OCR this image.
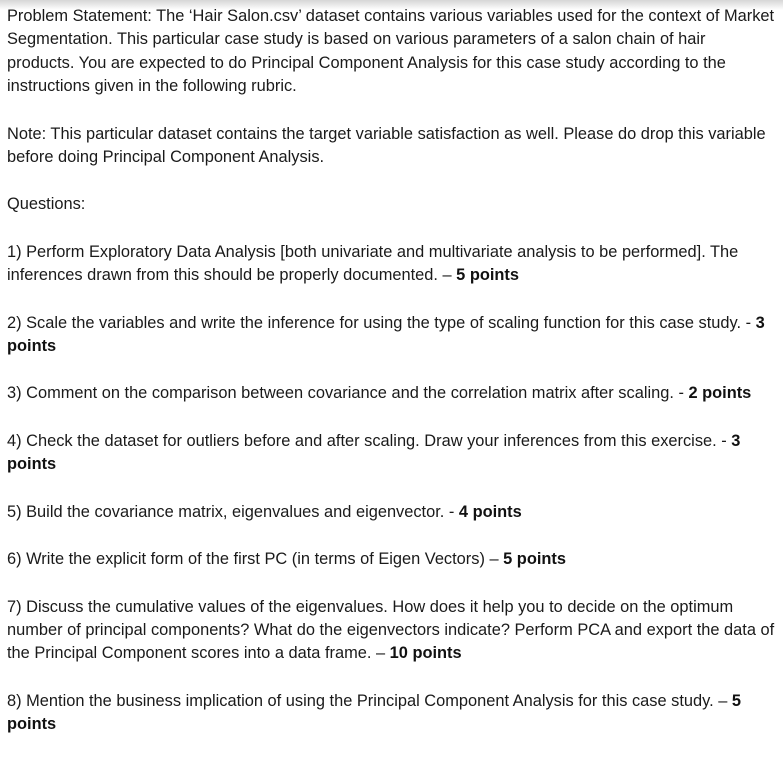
Problem Statement: The ‘Hair Salon.csv’ dataset contains various variables used for the context of Market Segmentation. This particular case study is based on various parameters of a salon chain of hair products. You are expected to do Principal Component Analysis for this case study according to the instructions given in the following rubric.

Note: This particular dataset contains the target variable satisfaction as well. Please do drop this variable before doing Principal Component Analysis.

Questions:

1) Perform Exploratory Data Analysis [both univariate and multivariate analysis to be performed]. The inferences drawn from this should be properly documented. – 5 points

2) Scale the variables and write the inference for using the type of scaling function for this case study. - 3 points

3) Comment on the comparison between covariance and the correlation matrix after scaling. - 2 points

4) Check the dataset for outliers before and after scaling. Draw your inferences from this exercise. - 3 points

5) Build the covariance matrix, eigenvalues and eigenvector. - 4 points

6) Write the explicit form of the first PC (in terms of Eigen Vectors) – 5 points

7) Discuss the cumulative values of the eigenvalues. How does it help you to decide on the optimum number of principal components? What do the eigenvectors indicate? Perform PCA and export the data of the Principal Component scores into a data frame. – 10 points

8) Mention the business implication of using the Principal Component Analysis for this case study. – 5 points
